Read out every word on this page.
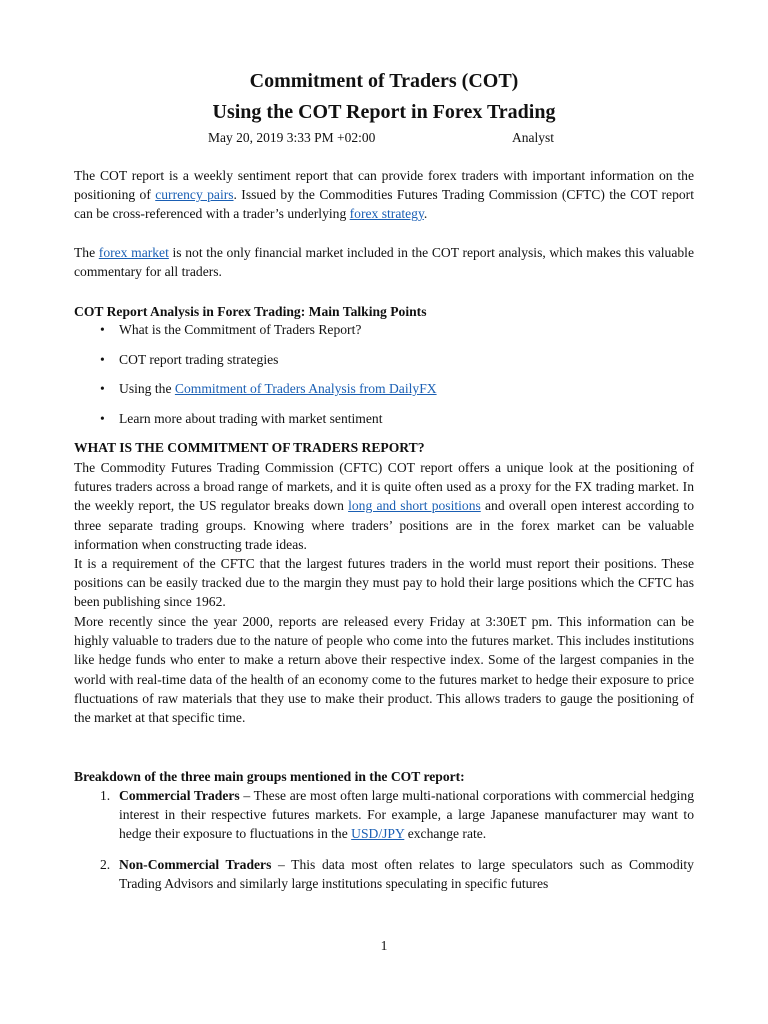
Commitment of Traders (COT)
Using the COT Report in Forex Trading
May 20, 2019 3:33 PM +02:00	Analyst

The COT report is a weekly sentiment report that can provide forex traders with important information on the positioning of currency pairs. Issued by the Commodities Futures Trading Commission (CFTC) the COT report can be cross-referenced with a trader’s underlying forex strategy.

The forex market is not the only financial market included in the COT report analysis, which makes this valuable commentary for all traders.

COT Report Analysis in Forex Trading: Main Talking Points

• What is the Commitment of Traders Report?
• COT report trading strategies
• Using the Commitment of Traders Analysis from DailyFX
• Learn more about trading with market sentiment

WHAT IS THE COMMITMENT OF TRADERS REPORT?

The Commodity Futures Trading Commission (CFTC) COT report offers a unique look at the positioning of futures traders across a broad range of markets, and it is quite often used as a proxy for the FX trading market. In the weekly report, the US regulator breaks down long and short positions and overall open interest according to three separate trading groups. Knowing where traders’ positions are in the forex market can be valuable information when constructing trade ideas.

It is a requirement of the CFTC that the largest futures traders in the world must report their positions. These positions can be easily tracked due to the margin they must pay to hold their large positions which the CFTC has been publishing since 1962.

More recently since the year 2000, reports are released every Friday at 3:30ET pm. This information can be highly valuable to traders due to the nature of people who come into the futures market. This includes institutions like hedge funds who enter to make a return above their respective index. Some of the largest companies in the world with real-time data of the health of an economy come to the futures market to hedge their exposure to price fluctuations of raw materials that they use to make their product. This allows traders to gauge the positioning of the market at that specific time.

Breakdown of the three main groups mentioned in the COT report:

1. Commercial Traders – These are most often large multi-national corporations with commercial hedging interest in their respective futures markets. For example, a large Japanese manufacturer may want to hedge their exposure to fluctuations in the USD/JPY exchange rate.
2. Non-Commercial Traders – This data most often relates to large speculators such as Commodity Trading Advisors and similarly large institutions speculating in specific futures
1
